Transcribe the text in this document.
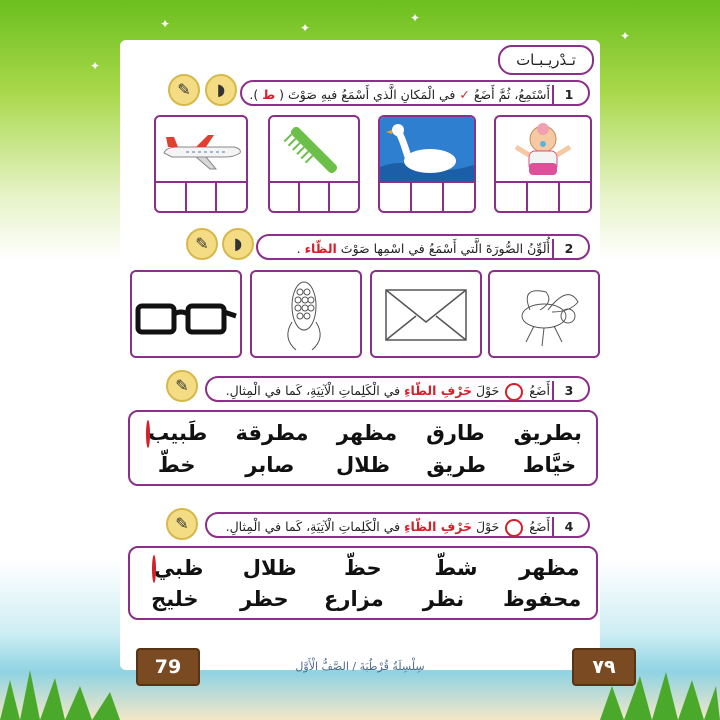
✦	✦
✦
✦
✦
تـدْريـبـات
✎	◗	1
أَسْتَمِعُ، ثُمَّ أَضَعُ ✓ في الْمَكانِ الَّذي أَسْمَعُ فيهِ صَوْتَ ( ط ).
✎	◗	2
أُلَوِّنُ الصُّورَةَ الَّتي أَسْمَعُ في اسْمِها صَوْتَ الظّاء .
✎	3
أَضَعُ  حَوْلَ حَرْفِ الطّاءِ في الْكَلِماتِ الْآتِيَةِ، كَما في الْمِثالِ.
طَبيب مطرقة مظهر طارق بطريق
خطّ	صابر ظلال طريق خيَّاط
✎	4
أَضَعُ  حَوْلَ حَرْفِ الظّاءِ في الْكَلِماتِ الْآتِيَةِ، كَما في الْمِثالِ.
ظبي ظلال	حظّ	شطّ	مظهر
خليج حظر مزارع	نظر	محفوظ
79	٧٩
سِلْسِلَةُ قُرْطُبَةَ / الصَّفُّ الْأَوَّل
